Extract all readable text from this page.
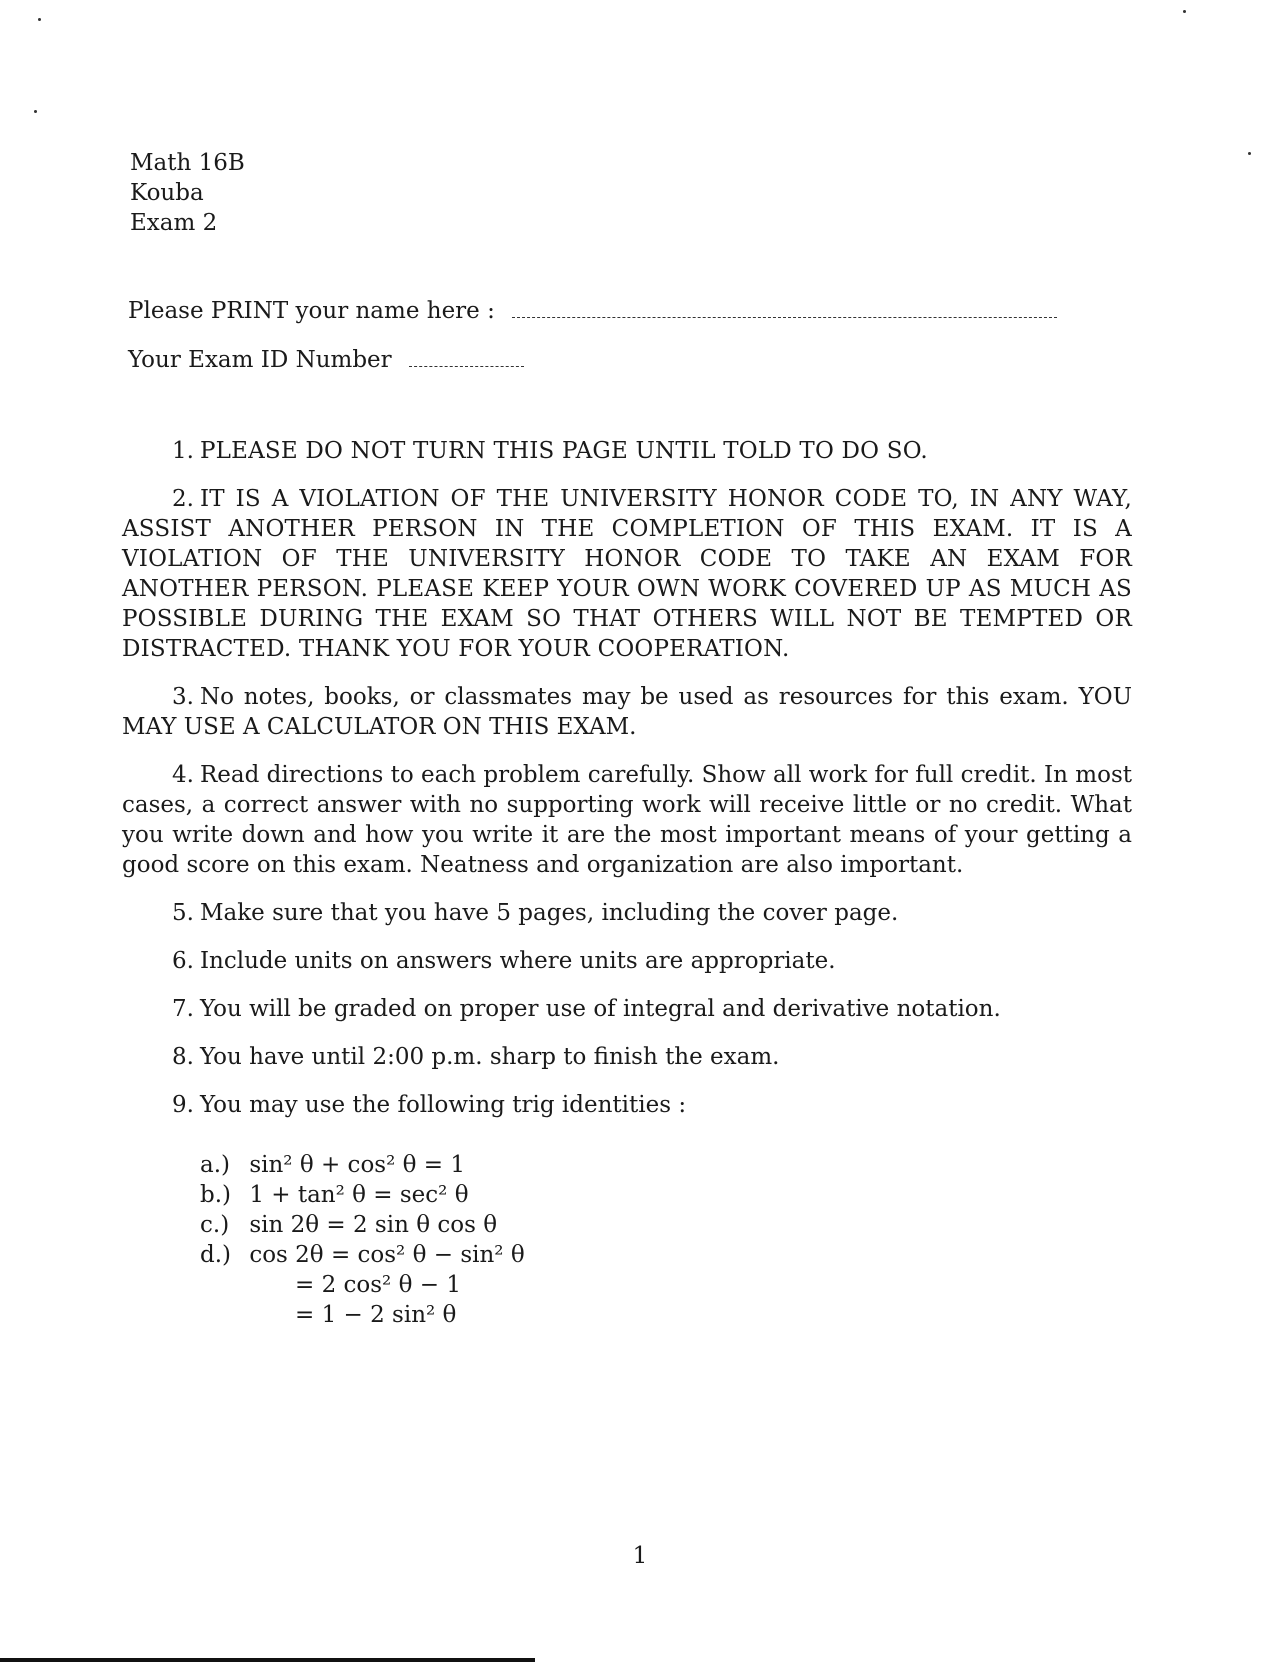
Math 16B
Kouba
Exam 2
Please PRINT your name here :
Your Exam ID Number

1. PLEASE DO NOT TURN THIS PAGE UNTIL TOLD TO DO SO.

2. IT IS A VIOLATION OF THE UNIVERSITY HONOR CODE TO, IN ANY WAY, ASSIST ANOTHER PERSON IN THE COMPLETION OF THIS EXAM. IT IS A VIOLATION OF THE UNIVERSITY HONOR CODE TO TAKE AN EXAM FOR ANOTHER PERSON. PLEASE KEEP YOUR OWN WORK COVERED UP AS MUCH AS POSSIBLE DURING THE EXAM SO THAT OTHERS WILL NOT BE TEMPTED OR DISTRACTED. THANK YOU FOR YOUR COOPERATION.

3. No notes, books, or classmates may be used as resources for this exam. YOU MAY USE A CALCULATOR ON THIS EXAM.

4. Read directions to each problem carefully. Show all work for full credit. In most cases, a correct answer with no supporting work will receive little or no credit. What you write down and how you write it are the most important means of your getting a good score on this exam. Neatness and organization are also important.

5. Make sure that you have 5 pages, including the cover page.

6. Include units on answers where units are appropriate.

7. You will be graded on proper use of integral and derivative notation.

8. You have until 2:00 p.m. sharp to finish the exam.

9. You may use the following trig identities :

a.) sin² θ + cos² θ = 1
b.) 1 + tan² θ = sec² θ
c.) sin 2θ = 2 sin θ cos θ
d.) cos 2θ = cos² θ − sin² θ
= 2 cos² θ − 1
= 1 − 2 sin² θ
1
